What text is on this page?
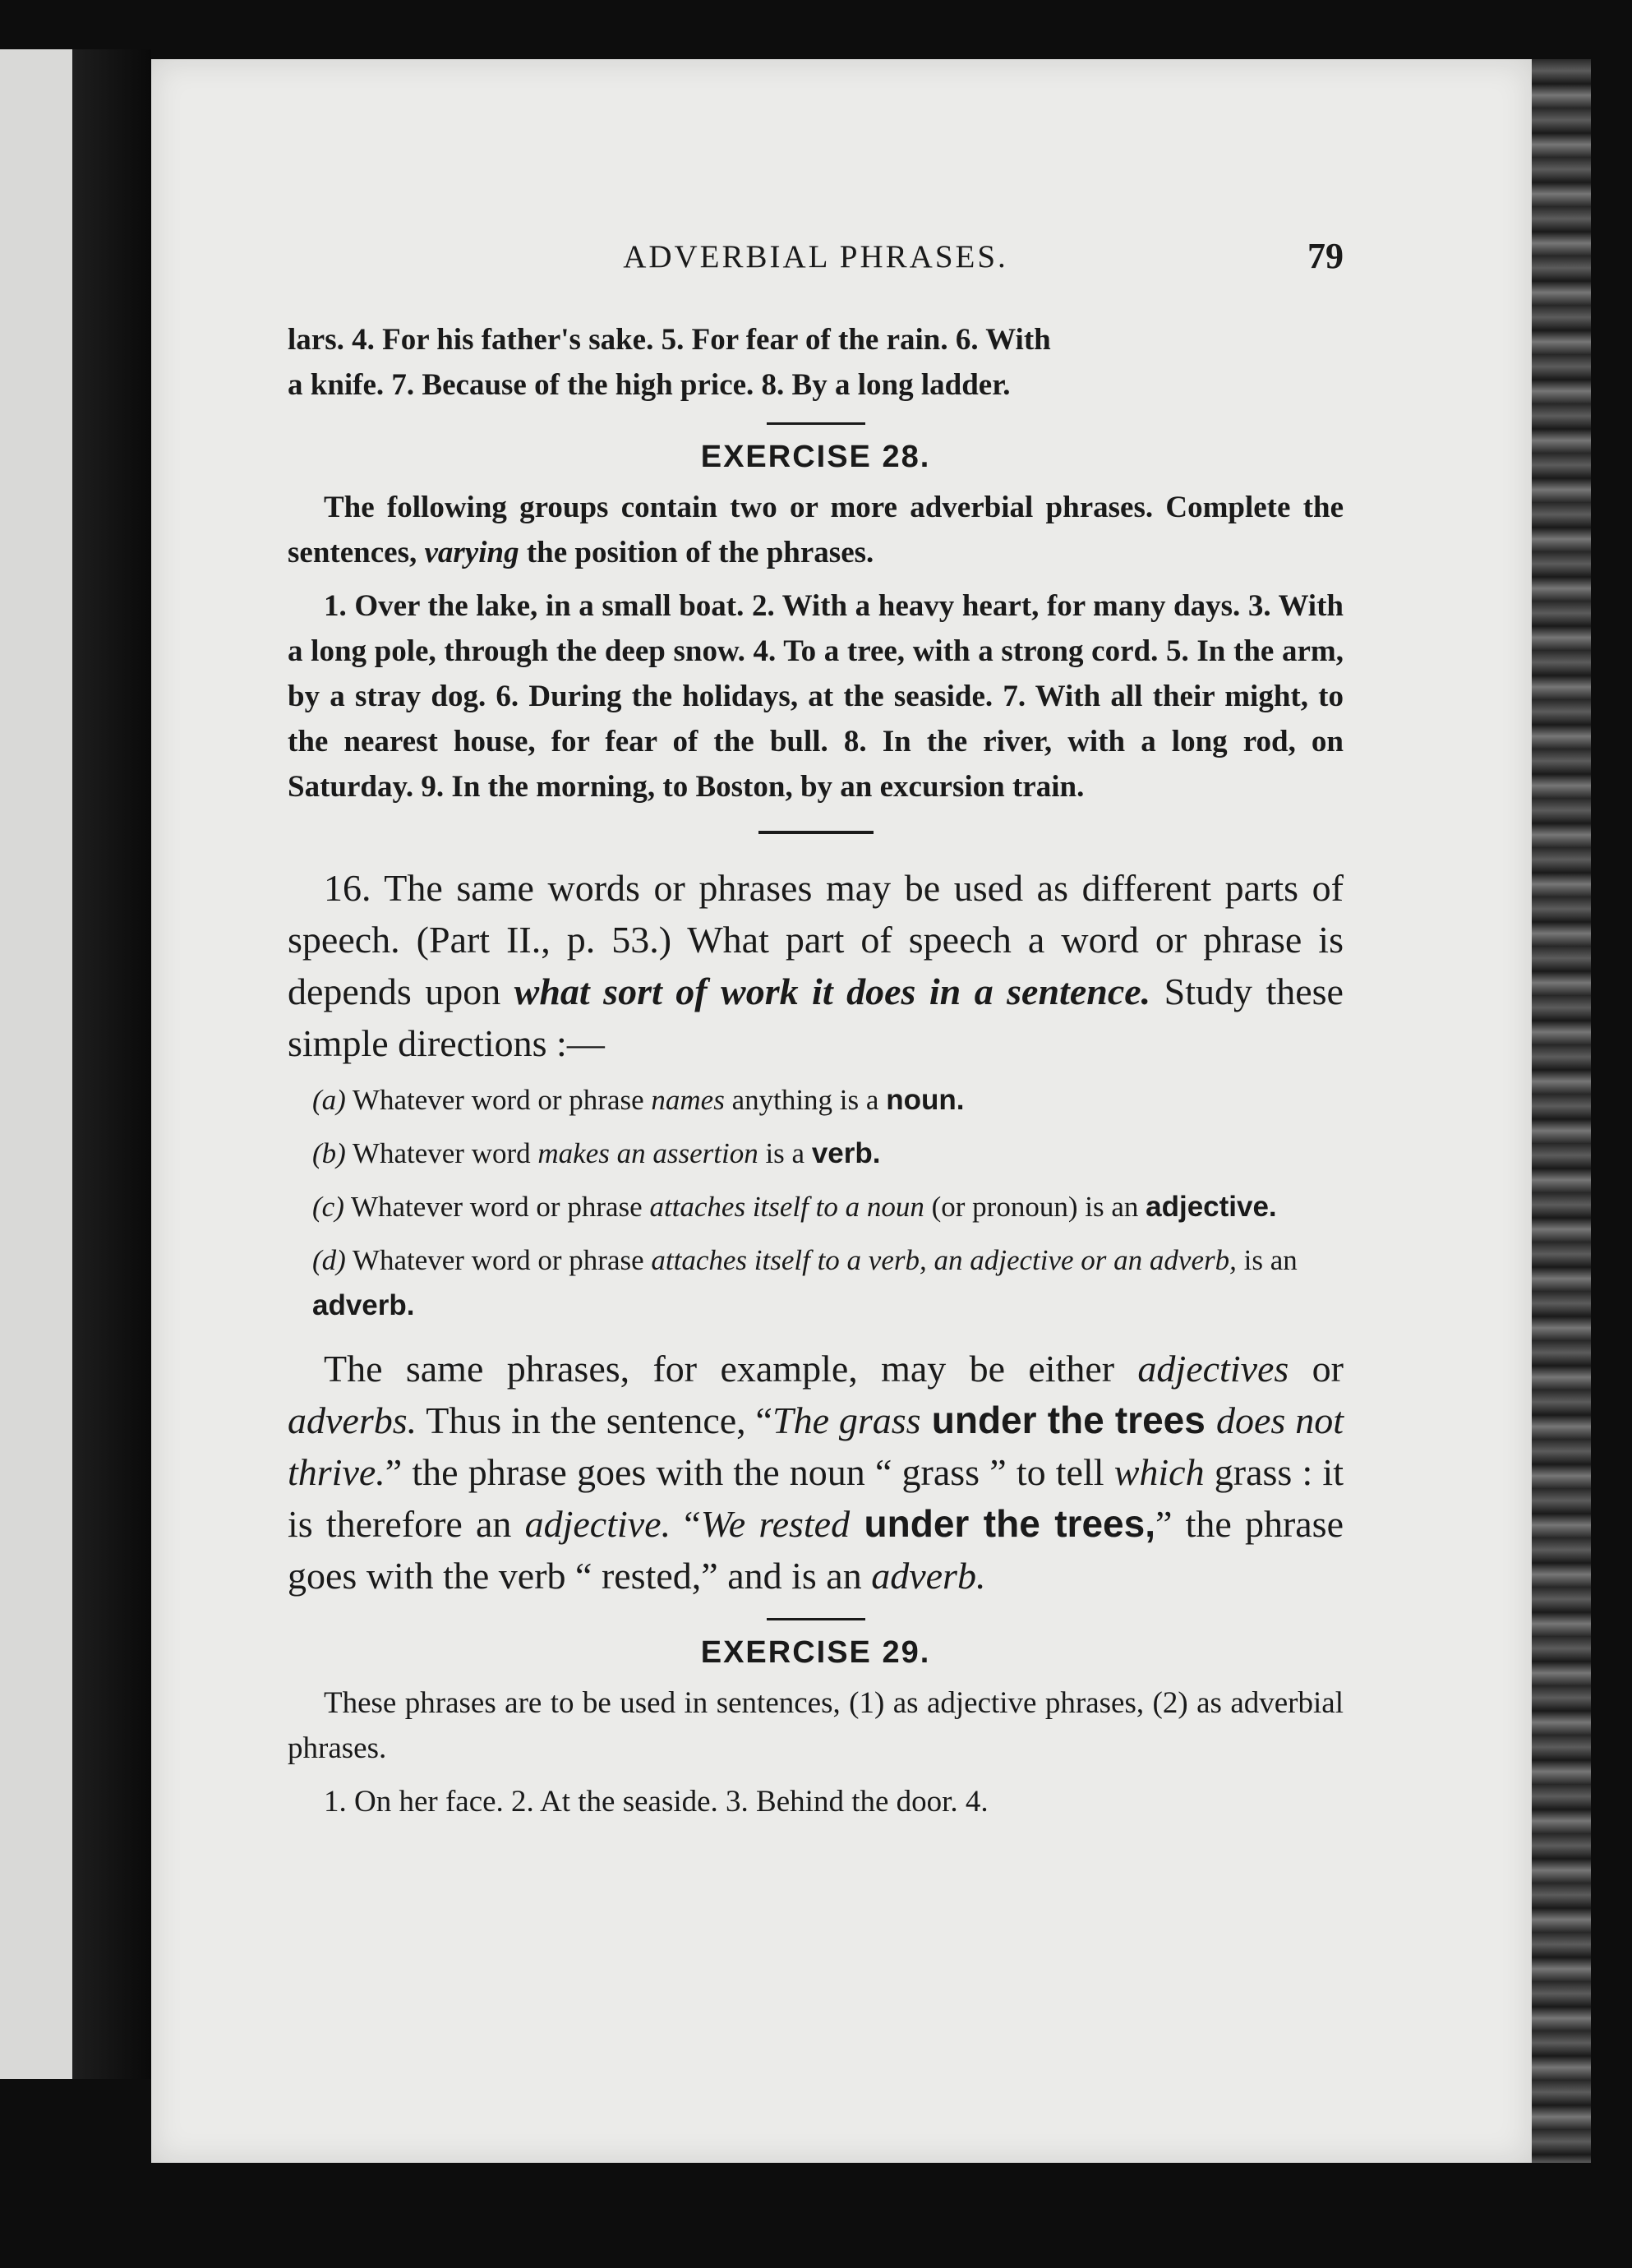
ADVERBIAL PHRASES.	79

lars. 4. For his father's sake. 5. For fear of the rain. 6. With
a knife. 7. Because of the high price. 8. By a long ladder.

EXERCISE 28.

The following groups contain two or more adverbial phrases. Complete the sentences, varying the position of the phrases.

1. Over the lake, in a small boat. 2. With a heavy heart, for many days. 3. With a long pole, through the deep snow. 4. To a tree, with a strong cord. 5. In the arm, by a stray dog. 6. During the holidays, at the seaside. 7. With all their might, to the nearest house, for fear of the bull. 8. In the river, with a long rod, on Saturday. 9. In the morning, to Boston, by an excursion train.

16. The same words or phrases may be used as different parts of speech. (Part II., p. 53.) What part of speech a word or phrase is depends upon what sort of work it does in a sentence. Study these simple directions :—

(a) Whatever word or phrase names anything is a noun.

(b) Whatever word makes an assertion is a verb.

(c) Whatever word or phrase attaches itself to a noun (or pronoun) is an adjective.

(d) Whatever word or phrase attaches itself to a verb, an adjective or an adverb, is an adverb.

The same phrases, for example, may be either adjectives or adverbs. Thus in the sentence, “The grass under the trees does not thrive.” the phrase goes with the noun “ grass ” to tell which grass : it is therefore an adjective. “We rested under the trees,” the phrase goes with the verb “ rested,” and is an adverb.

EXERCISE 29.

These phrases are to be used in sentences, (1) as adjective phrases, (2) as adverbial phrases.

1. On her face. 2. At the seaside. 3. Behind the door. 4.
